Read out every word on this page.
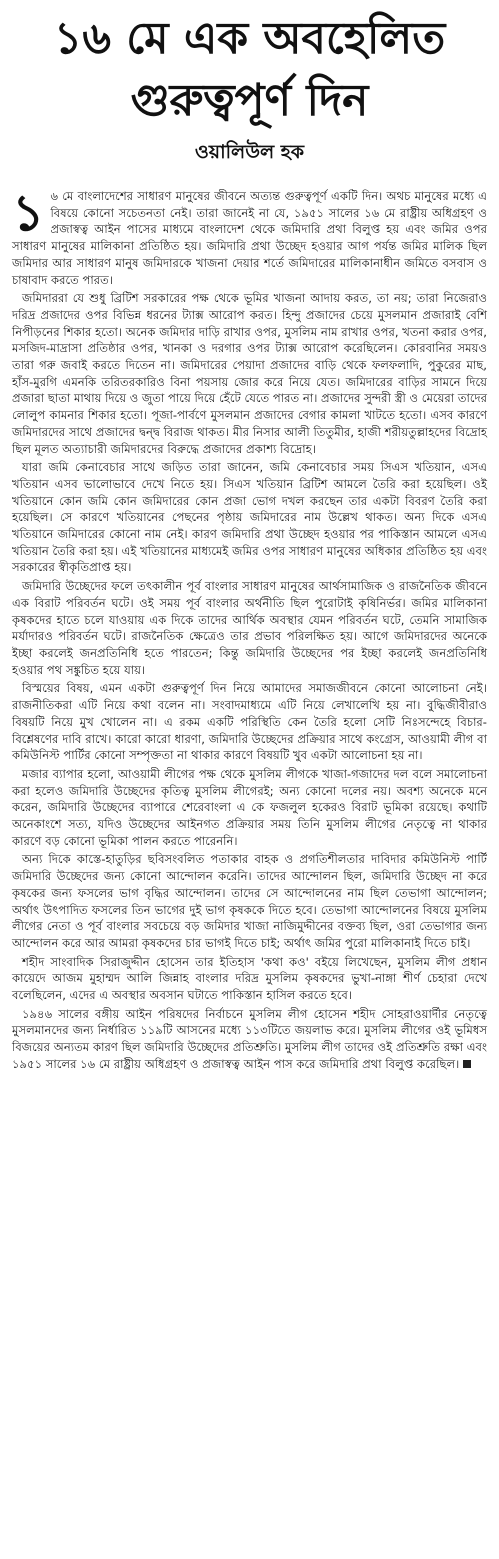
১৬ মে এক অবহেলিত
গুরুত্বপূর্ণ দিন
ওয়ালিউল হক

১ ৬ মে বাংলাদেশের সাধারণ মানুষের জীবনে অত্যন্ত গুরুত্বপূর্ণ একটি দিন। অথচ মানুষের মধ্যে এ বিষয়ে কোনো সচেতনতা নেই। তারা জানেই না যে, ১৯৫১ সালের ১৬ মে রাষ্ট্রীয় অধিগ্রহণ ও প্রজাস্বত্ব আইন পাসের মাধ্যমে বাংলাদেশ থেকে জমিদারি প্রথা বিলুপ্ত হয় এবং জমির ওপর সাধারণ মানুষের মালিকানা প্রতিষ্ঠিত হয়। জমিদারি প্রথা উচ্ছেদ হওয়ার আগ পর্যন্ত জমির মালিক ছিল জমিদার আর সাধারণ মানুষ জমিদারকে খাজনা দেয়ার শর্তে জমিদারের মালিকানাধীন জমিতে বসবাস ও চাষাবাদ করতে পারত।

জমিদাররা যে শুধু ব্রিটিশ সরকারের পক্ষ থেকে ভূমির খাজনা আদায় করত, তা নয়; তারা নিজেরাও দরিদ্র প্রজাদের ওপর বিভিন্ন ধরনের ট্যাক্স আরোপ করত। হিন্দু প্রজাদের চেয়ে মুসলমান প্রজারাই বেশি নিপীড়নের শিকার হতো। অনেক জমিদার দাড়ি রাখার ওপর, মুসলিম নাম রাখার ওপর, খতনা করার ওপর, মসজিদ-মাদ্রাসা প্রতিষ্ঠার ওপর, খানকা ও দরগার ওপর ট্যাক্স আরোপ করেছিলেন। কোরবানির সময়ও তারা গরু জবাই করতে দিতেন না। জমিদারের পেয়াদা প্রজাদের বাড়ি থেকে ফলফলাদি, পুকুরের মাছ, হাঁস-মুরগি এমনকি তরিতরকারিও বিনা পয়সায় জোর করে নিয়ে যেত। জমিদারের বাড়ির সামনে দিয়ে প্রজারা ছাতা মাথায় দিয়ে ও জুতা পায়ে দিয়ে হেঁটে যেতে পারত না। প্রজাদের সুন্দরী স্ত্রী ও মেয়েরা তাদের লোলুপ কামনার শিকার হতো। পূজা-পার্বণে মুসলমান প্রজাদের বেগার কামলা খাটতে হতো। এসব কারণে জমিদারদের সাথে প্রজাদের দ্বন্দ্ব বিরাজ থাকত। মীর নিসার আলী তিতুমীর, হাজী শরীয়তুল্লাহদের বিদ্রোহ ছিল মূলত অত্যাচারী জমিদারদের বিরুদ্ধে প্রজাদের প্রকাশ্য বিদ্রোহ।

যারা জমি কেনাবেচার সাথে জড়িত তারা জানেন, জমি কেনাবেচার সময় সিএস খতিয়ান, এসএ খতিয়ান এসব ভালোভাবে দেখে নিতে হয়। সিএস খতিয়ান ব্রিটিশ আমলে তৈরি করা হয়েছিল। ওই খতিয়ানে কোন জমি কোন জমিদারের কোন প্রজা ভোগ দখল করছেন তার একটা বিবরণ তৈরি করা হয়েছিল। সে কারণে খতিয়ানের পেছনের পৃষ্ঠায় জমিদারের নাম উল্লেখ থাকত। অন্য দিকে এসএ খতিয়ানে জমিদারের কোনো নাম নেই। কারণ জমিদারি প্রথা উচ্ছেদ হওয়ার পর পাকিস্তান আমলে এসএ খতিয়ান তৈরি করা হয়। এই খতিয়ানের মাধ্যমেই জমির ওপর সাধারণ মানুষের অধিকার প্রতিষ্ঠিত হয় এবং সরকারের স্বীকৃতিপ্রাপ্ত হয়।

জমিদারি উচ্ছেদের ফলে তৎকালীন পূর্ব বাংলার সাধারণ মানুষের আর্থসামাজিক ও রাজনৈতিক জীবনে এক বিরাট পরিবর্তন ঘটে। ওই সময় পূর্ব বাংলার অর্থনীতি ছিল পুরোটাই কৃষিনির্ভর। জমির মালিকানা কৃষকদের হাতে চলে যাওয়ায় এক দিকে তাদের আর্থিক অবস্থার যেমন পরিবর্তন ঘটে, তেমনি সামাজিক মর্যাদারও পরিবর্তন ঘটে। রাজনৈতিক ক্ষেত্রেও তার প্রভাব পরিলক্ষিত হয়। আগে জমিদারদের অনেকে ইচ্ছা করলেই জনপ্রতিনিধি হতে পারতেন; কিন্তু জমিদারি উচ্ছেদের পর ইচ্ছা করলেই জনপ্রতিনিধি হওয়ার পথ সঙ্কুচিত হয়ে যায়।

বিস্ময়ের বিষয়, এমন একটা গুরুত্বপূর্ণ দিন নিয়ে আমাদের সমাজজীবনে কোনো আলোচনা নেই। রাজনীতিকরা এটি নিয়ে কথা বলেন না। সংবাদমাধ্যমে এটি নিয়ে লেখালেখি হয় না। বুদ্ধিজীবীরাও বিষয়টি নিয়ে মুখ খোলেন না। এ রকম একটি পরিস্থিতি কেন তৈরি হলো সেটি নিঃসন্দেহে বিচার-বিশ্লেষণের দাবি রাখে। কারো কারো ধারণা, জমিদারি উচ্ছেদের প্রক্রিয়ার সাথে কংগ্রেস, আওয়ামী লীগ বা কমিউনিস্ট পার্টির কোনো সম্পৃক্ততা না থাকার কারণে বিষয়টি খুব একটা আলোচনা হয় না।

মজার ব্যাপার হলো, আওয়ামী লীগের পক্ষ থেকে মুসলিম লীগকে খাজা-গজাদের দল বলে সমালোচনা করা হলেও জমিদারি উচ্ছেদের কৃতিত্ব মুসলিম লীগেরই; অন্য কোনো দলের নয়। অবশ্য অনেকে মনে করেন, জমিদারি উচ্ছেদের ব্যাপারে শেরেবাংলা এ কে ফজলুল হকেরও বিরাট ভূমিকা রয়েছে। কথাটি অনেকাংশে সত্য, যদিও উচ্ছেদের আইনগত প্রক্রিয়ার সময় তিনি মুসলিম লীগের নেতৃত্বে না থাকার কারণে বড় কোনো ভূমিকা পালন করতে পারেননি।

অন্য দিকে কাস্তে-হাতুড়ির ছবিসংবলিত পতাকার বাহক ও প্রগতিশীলতার দাবিদার কমিউনিস্ট পার্টি জমিদারি উচ্ছেদের জন্য কোনো আন্দোলন করেনি। তাদের আন্দোলন ছিল, জমিদারি উচ্ছেদ না করে কৃষকের জন্য ফসলের ভাগ বৃদ্ধির আন্দোলন। তাদের সে আন্দোলনের নাম ছিল তেভাগা আন্দোলন; অর্থাৎ উৎপাদিত ফসলের তিন ভাগের দুই ভাগ কৃষককে দিতে হবে। তেভাগা আন্দোলনের বিষয়ে মুসলিম লীগের নেতা ও পূর্ব বাংলার সবচেয়ে বড় জমিদার খাজা নাজিমুদ্দীনের বক্তব্য ছিল, ওরা তেভাগার জন্য আন্দোলন করে আর আমরা কৃষকদের চার ভাগই দিতে চাই; অর্থাৎ জমির পুরো মালিকানাই দিতে চাই।

শহীদ সাংবাদিক সিরাজুদ্দীন হোসেন তার ইতিহাস 'কথা কও' বইয়ে লিখেছেন, মুসলিম লীগ প্রধান কায়েদে আজম মুহাম্মদ আলি জিন্নাহ বাংলার দরিদ্র মুসলিম কৃষকদের ভুখা-নাঙ্গা শীর্ণ চেহারা দেখে বলেছিলেন, এদের এ অবস্থার অবসান ঘটাতে পাকিস্তান হাসিল করতে হবে।

১৯৪৬ সালের বঙ্গীয় আইন পরিষদের নির্বাচনে মুসলিম লীগ হোসেন শহীদ সোহরাওয়ার্দীর নেতৃত্বে মুসলমানদের জন্য নির্ধারিত ১১৯টি আসনের মধ্যে ১১৩টিতে জয়লাভ করে। মুসলিম লীগের ওই ভূমিধস বিজয়ের অন্যতম কারণ ছিল জমিদারি উচ্ছেদের প্রতিশ্রুতি। মুসলিম লীগ তাদের ওই প্রতিশ্রুতি রক্ষা এবং ১৯৫১ সালের ১৬ মে রাষ্ট্রীয় অধিগ্রহণ ও প্রজাস্বত্ব আইন পাস করে জমিদারি প্রথা বিলুপ্ত করেছিল।
